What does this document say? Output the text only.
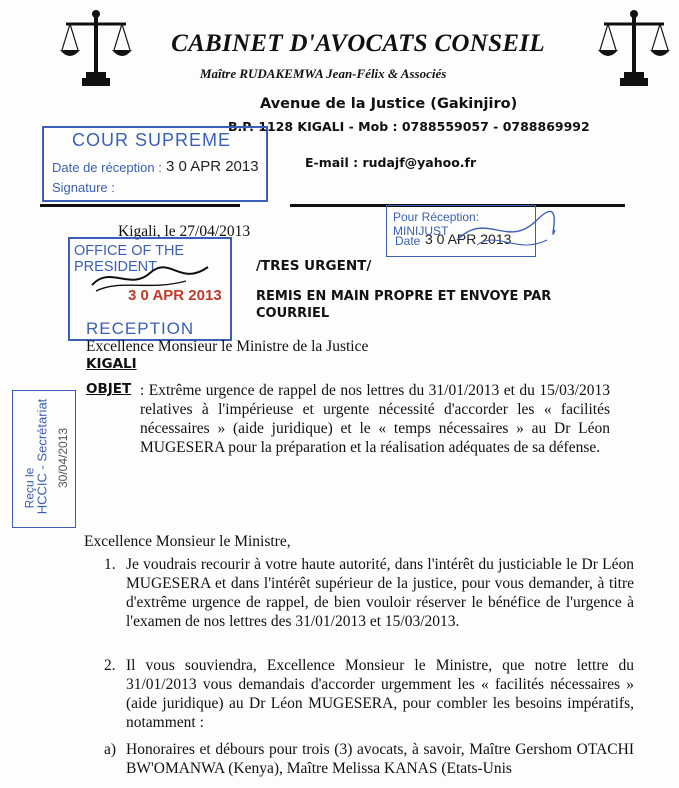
CABINET D'AVOCATS CONSEIL
Maître RUDAKEMWA Jean-Félix & Associés
Avenue de la Justice (Gakinjiro)
B.P. 1128 KIGALI - Mob : 0788559057 - 0788869992
E-mail : rudajf@yahoo.fr
COUR SUPREME
Date de réception : 3 0 APR 2013
Signature :
Pour Réception: MINIJUST
Date 3 0 APR 2013
Kigali, le 27/04/2013
OFFICE OF THE PRESIDENT
3 0 APR 2013
RECEPTION
/TRES URGENT/
REMIS EN MAIN PROPRE ET ENVOYE PAR COURRIEL
Excellence Monsieur le Ministre de la Justice
KIGALI
HCCIC - Secrétariat
Reçu le 30/04/2013
OBJET : Extrême urgence de rappel de nos lettres du 31/01/2013 et du 15/03/2013 relatives à l'impérieuse et urgente nécessité d'accorder les « facilités nécessaires » (aide juridique) et le « temps nécessaires » au Dr Léon MUGESERA pour la préparation et la réalisation adéquates de sa défense.
Excellence Monsieur le Ministre,
1. Je voudrais recourir à votre haute autorité, dans l'intérêt du justiciable le Dr Léon MUGESERA et dans l'intérêt supérieur de la justice, pour vous demander, à titre d'extrême urgence de rappel, de bien vouloir réserver le bénéfice de l'urgence à l'examen de nos lettres des 31/01/2013 et 15/03/2013.
2. Il vous souviendra, Excellence Monsieur le Ministre, que notre lettre du 31/01/2013 vous demandais d'accorder urgemment les « facilités nécessaires » (aide juridique) au Dr Léon MUGESERA, pour combler les besoins impératifs, notamment :
a) Honoraires et débours pour trois (3) avocats, à savoir, Maître Gershom OTACHI BW'OMANWA (Kenya), Maître Melissa KANAS (Etats-Unis
